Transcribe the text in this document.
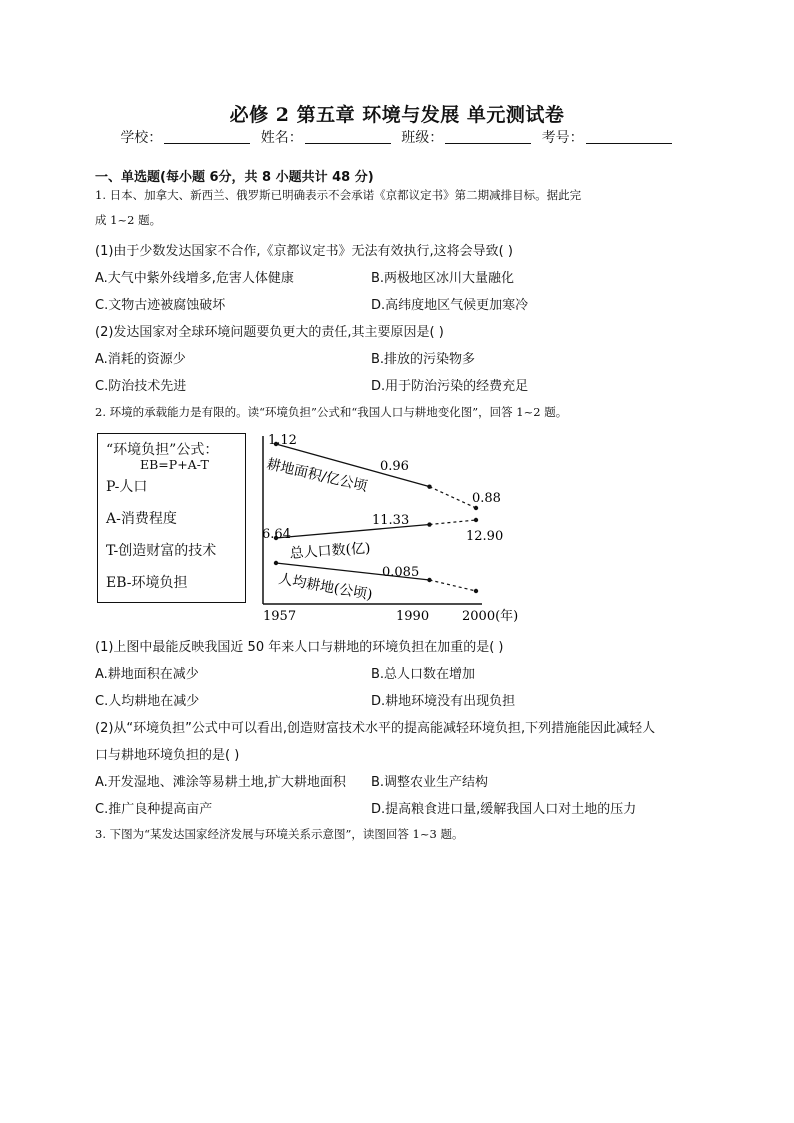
必修 2 第五章 环境与发展 单元测试卷
学校：	姓名：	班级：	考号：
一、单选题(每小题 6分，共 8 小题共计 48 分)
1. 日本、加拿大、新西兰、俄罗斯已明确表示不会承诺《京都议定书》第二期减排目标。据此完
成 1~2 题。
(1)由于少数发达国家不合作,《京都议定书》无法有效执行,这将会导致( )
A.大气中紫外线增多,危害人体健康	B.两极地区冰川大量融化
C.文物古迹被腐蚀破坏	D.高纬度地区气候更加寒冷
(2)发达国家对全球环境问题要负更大的责任,其主要原因是( )
A.消耗的资源少	B.排放的污染物多
C.防治技术先进	D.用于防治污染的经费充足
2. 环境的承载能力是有限的。读“环境负担”公式和“我国人口与耕地变化图”，回答 1~2 题。
“环境负担”公式：
EB=P+A-T
P-人口
A-消费程度
T-创造财富的技术
EB-环境负担
1957	1990	2000(年)
1.12
0.96
0.88
6.64
11.33
12.90
0.085
耕地面积/亿公顷
总人口数(亿)
人均耕地(公顷)
(1)上图中最能反映我国近 50 年来人口与耕地的环境负担在加重的是( )
A.耕地面积在减少	B.总人口数在增加
C.人均耕地在减少	D.耕地环境没有出现负担
(2)从“环境负担”公式中可以看出,创造财富技术水平的提高能减轻环境负担,下列措施能因此减轻人
口与耕地环境负担的是( )
A.开发湿地、滩涂等易耕土地,扩大耕地面积 B.调整农业生产结构
C.推广良种提高亩产	D.提高粮食进口量,缓解我国人口对土地的压力
3. 下图为“某发达国家经济发展与环境关系示意图”，读图回答 1~3 题。
